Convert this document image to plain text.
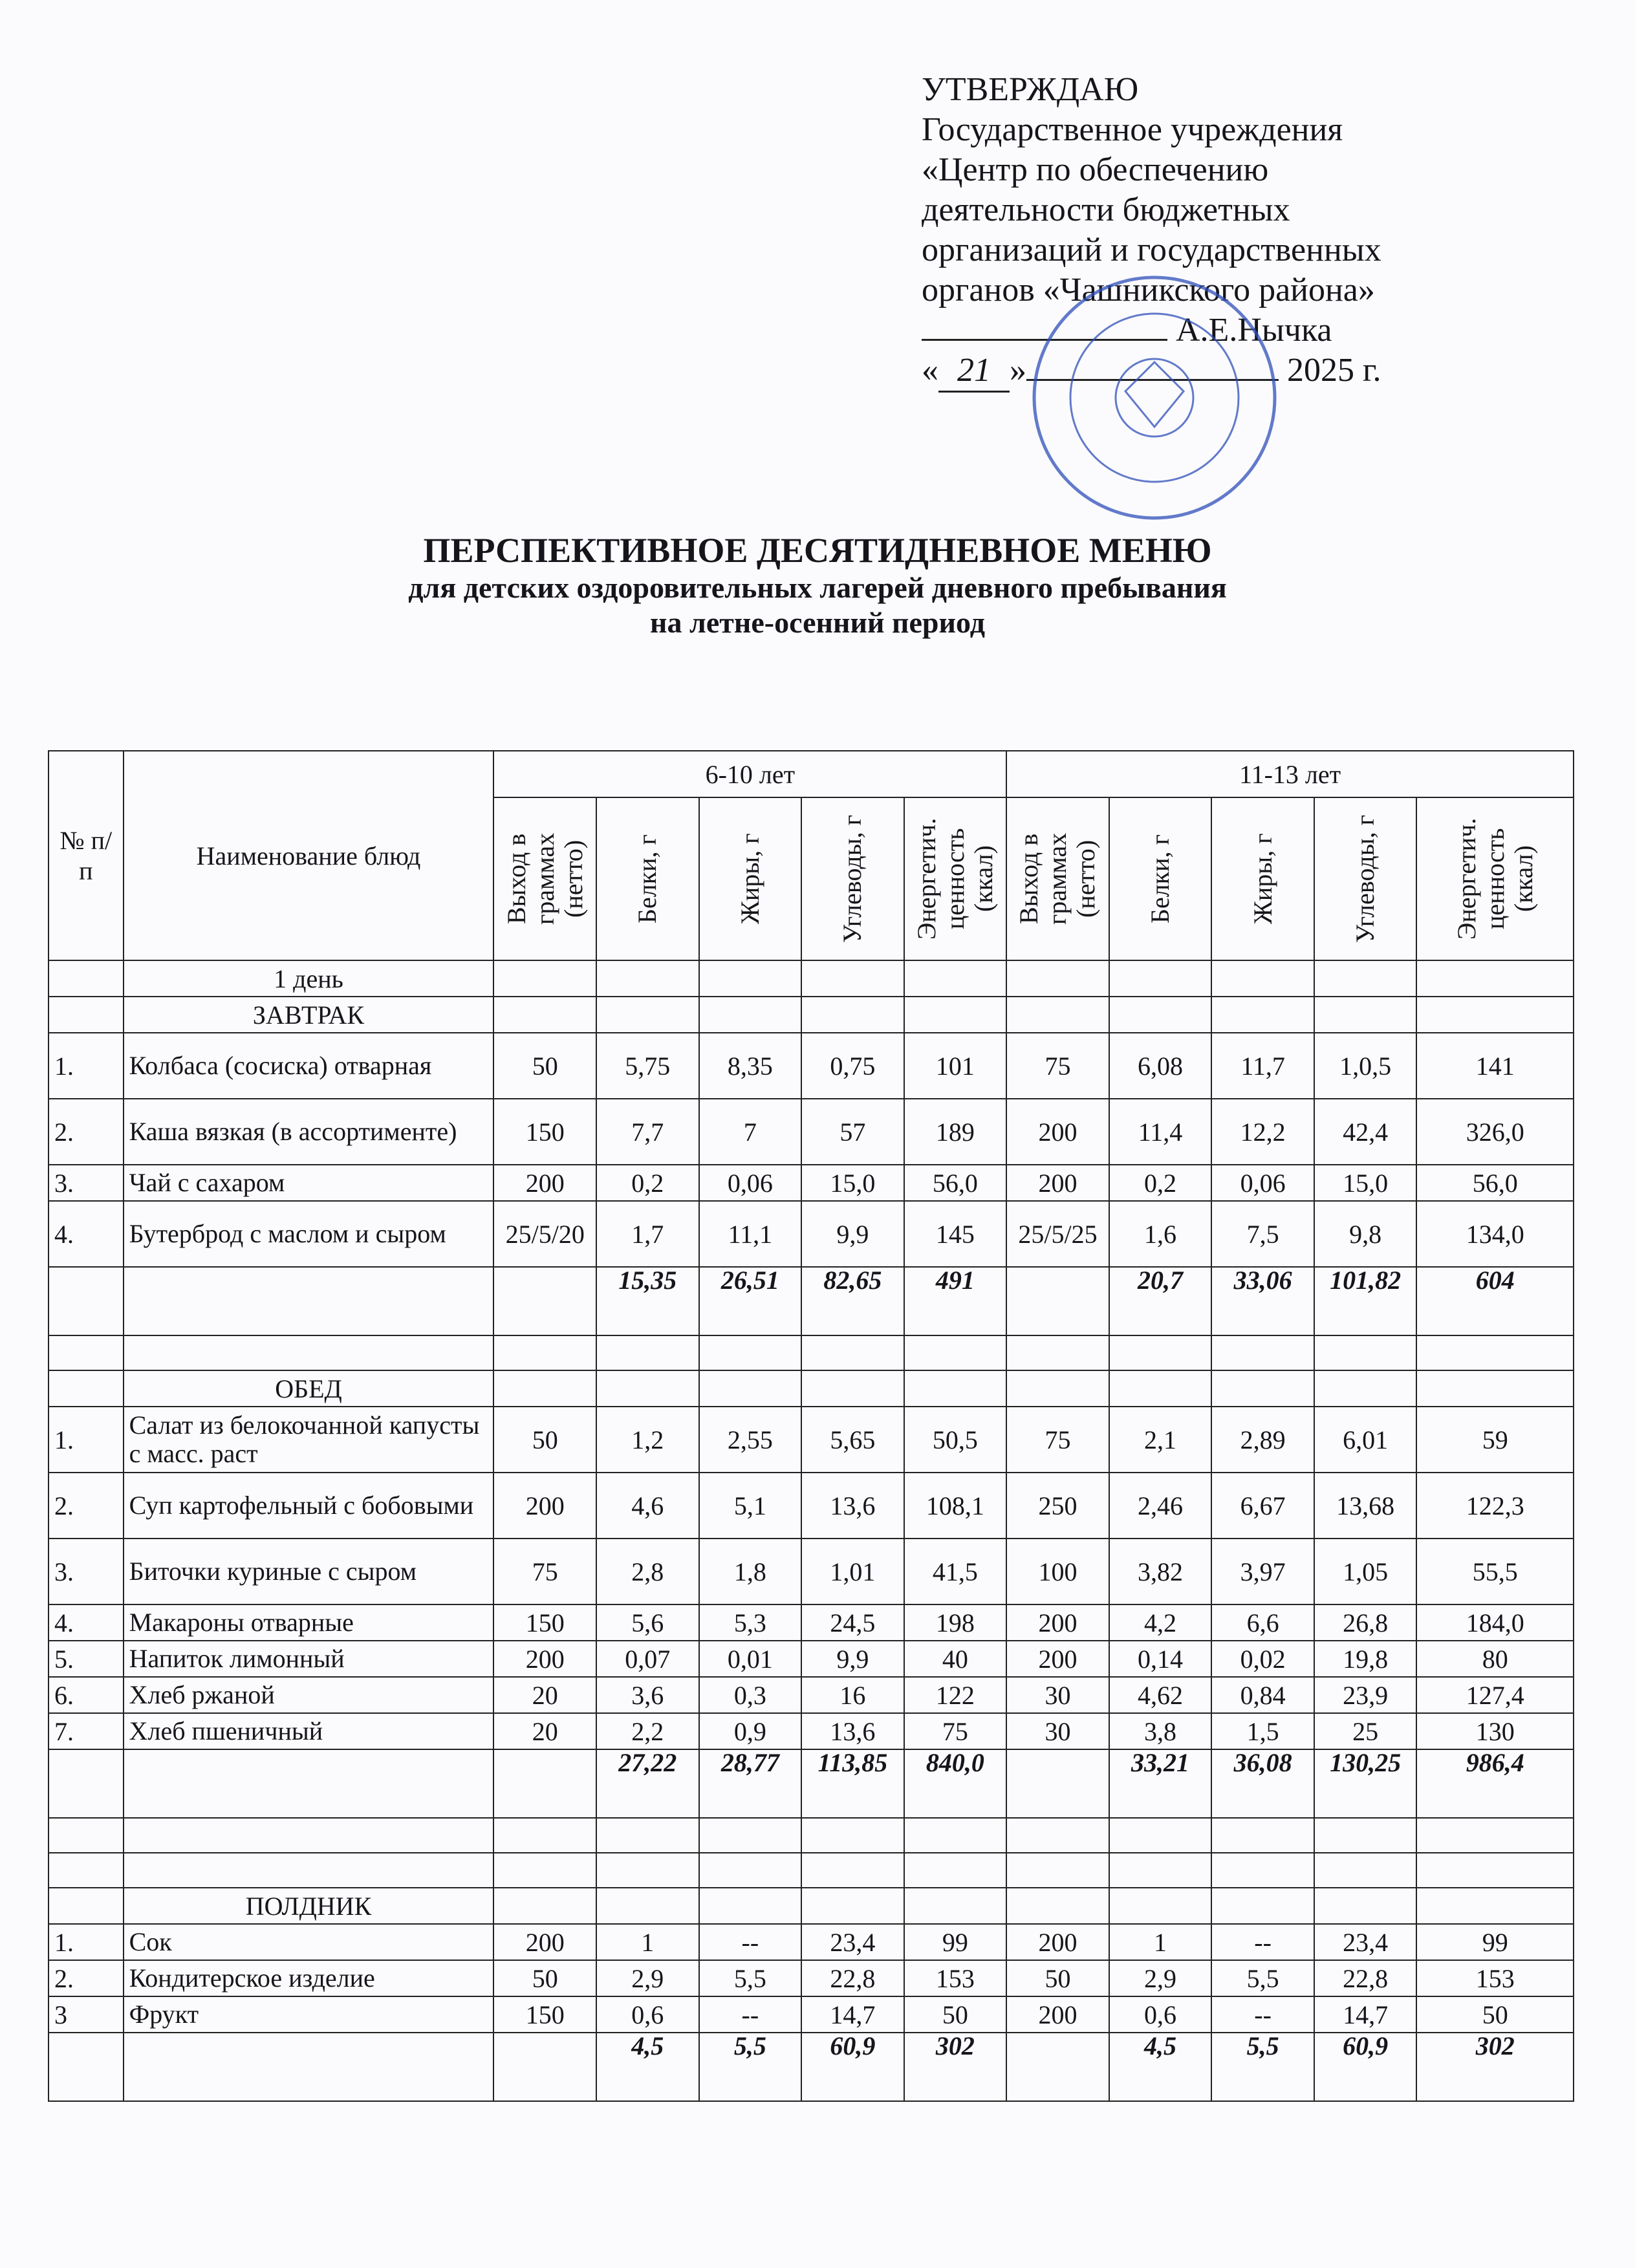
УТВЕРЖДАЮ
Государственное учреждения
«Центр по обеспечению
деятельности бюджетных
организаций и государственных
органов «Чашникского района»
А.Е.Нычка
« 21 »	2025 г.
ПЕРСПЕКТИВНОЕ ДЕСЯТИДНЕВНОЕ МЕНЮ
для детских оздоровительных лагерей дневного пребывания
на летне-осенний период
№ п/п	Наименование блюд	6-10 лет					11-13 лет				

		Выход в граммах (нетто)	Белки, г	Жиры, г	Углеводы, г	Энергетич. ценность (ккал)	Выход в граммах (нетто)	Белки, г	Жиры, г	Углеводы, г	Энергетич. ценность (ккал)

	1 день										
	ЗАВТРАК										
1.	Колбаса (сосиска) отварная	50	5,75	8,35	0,75	101	75	6,08	11,7	1,0,5	141
2.	Каша вязкая (в ассортименте)	150	7,7	7	57	189	200	11,4	12,2	42,4	326,0
3.	Чай с сахаром	200	0,2	0,06	15,0	56,0	200	0,2	0,06	15,0	56,0
4.	Бутерброд с маслом и сыром	25/5/20	1,7	11,1	9,9	145	25/5/25	1,6	7,5	9,8	134,0
			15,35	26,51	82,65	491		20,7	33,06	101,82	604

	ОБЕД										
1.	Салат из белокочанной капусты с масс. раст	50	1,2	2,55	5,65	50,5	75	2,1	2,89	6,01	59
2.	Суп картофельный с бобовыми	200	4,6	5,1	13,6	108,1	250	2,46	6,67	13,68	122,3
3.	Биточки куриные с сыром	75	2,8	1,8	1,01	41,5	100	3,82	3,97	1,05	55,5
4.	Макароны отварные	150	5,6	5,3	24,5	198	200	4,2	6,6	26,8	184,0
5.	Напиток лимонный	200	0,07	0,01	9,9	40	200	0,14	0,02	19,8	80
6.	Хлеб ржаной	20	3,6	0,3	16	122	30	4,62	0,84	23,9	127,4
7.	Хлеб пшеничный	20	2,2	0,9	13,6	75	30	3,8	1,5	25	130
			27,22	28,77	113,85	840,0		33,21	36,08	130,25	986,4

	ПОЛДНИК										
1.	Сок	200	1	--	23,4	99	200	1	--	23,4	99
2.	Кондитерское изделие	50	2,9	5,5	22,8	153	50	2,9	5,5	22,8	153
3	Фрукт	150	0,6	--	14,7	50	200	0,6	--	14,7	50
			4,5	5,5	60,9	302		4,5	5,5	60,9	302
